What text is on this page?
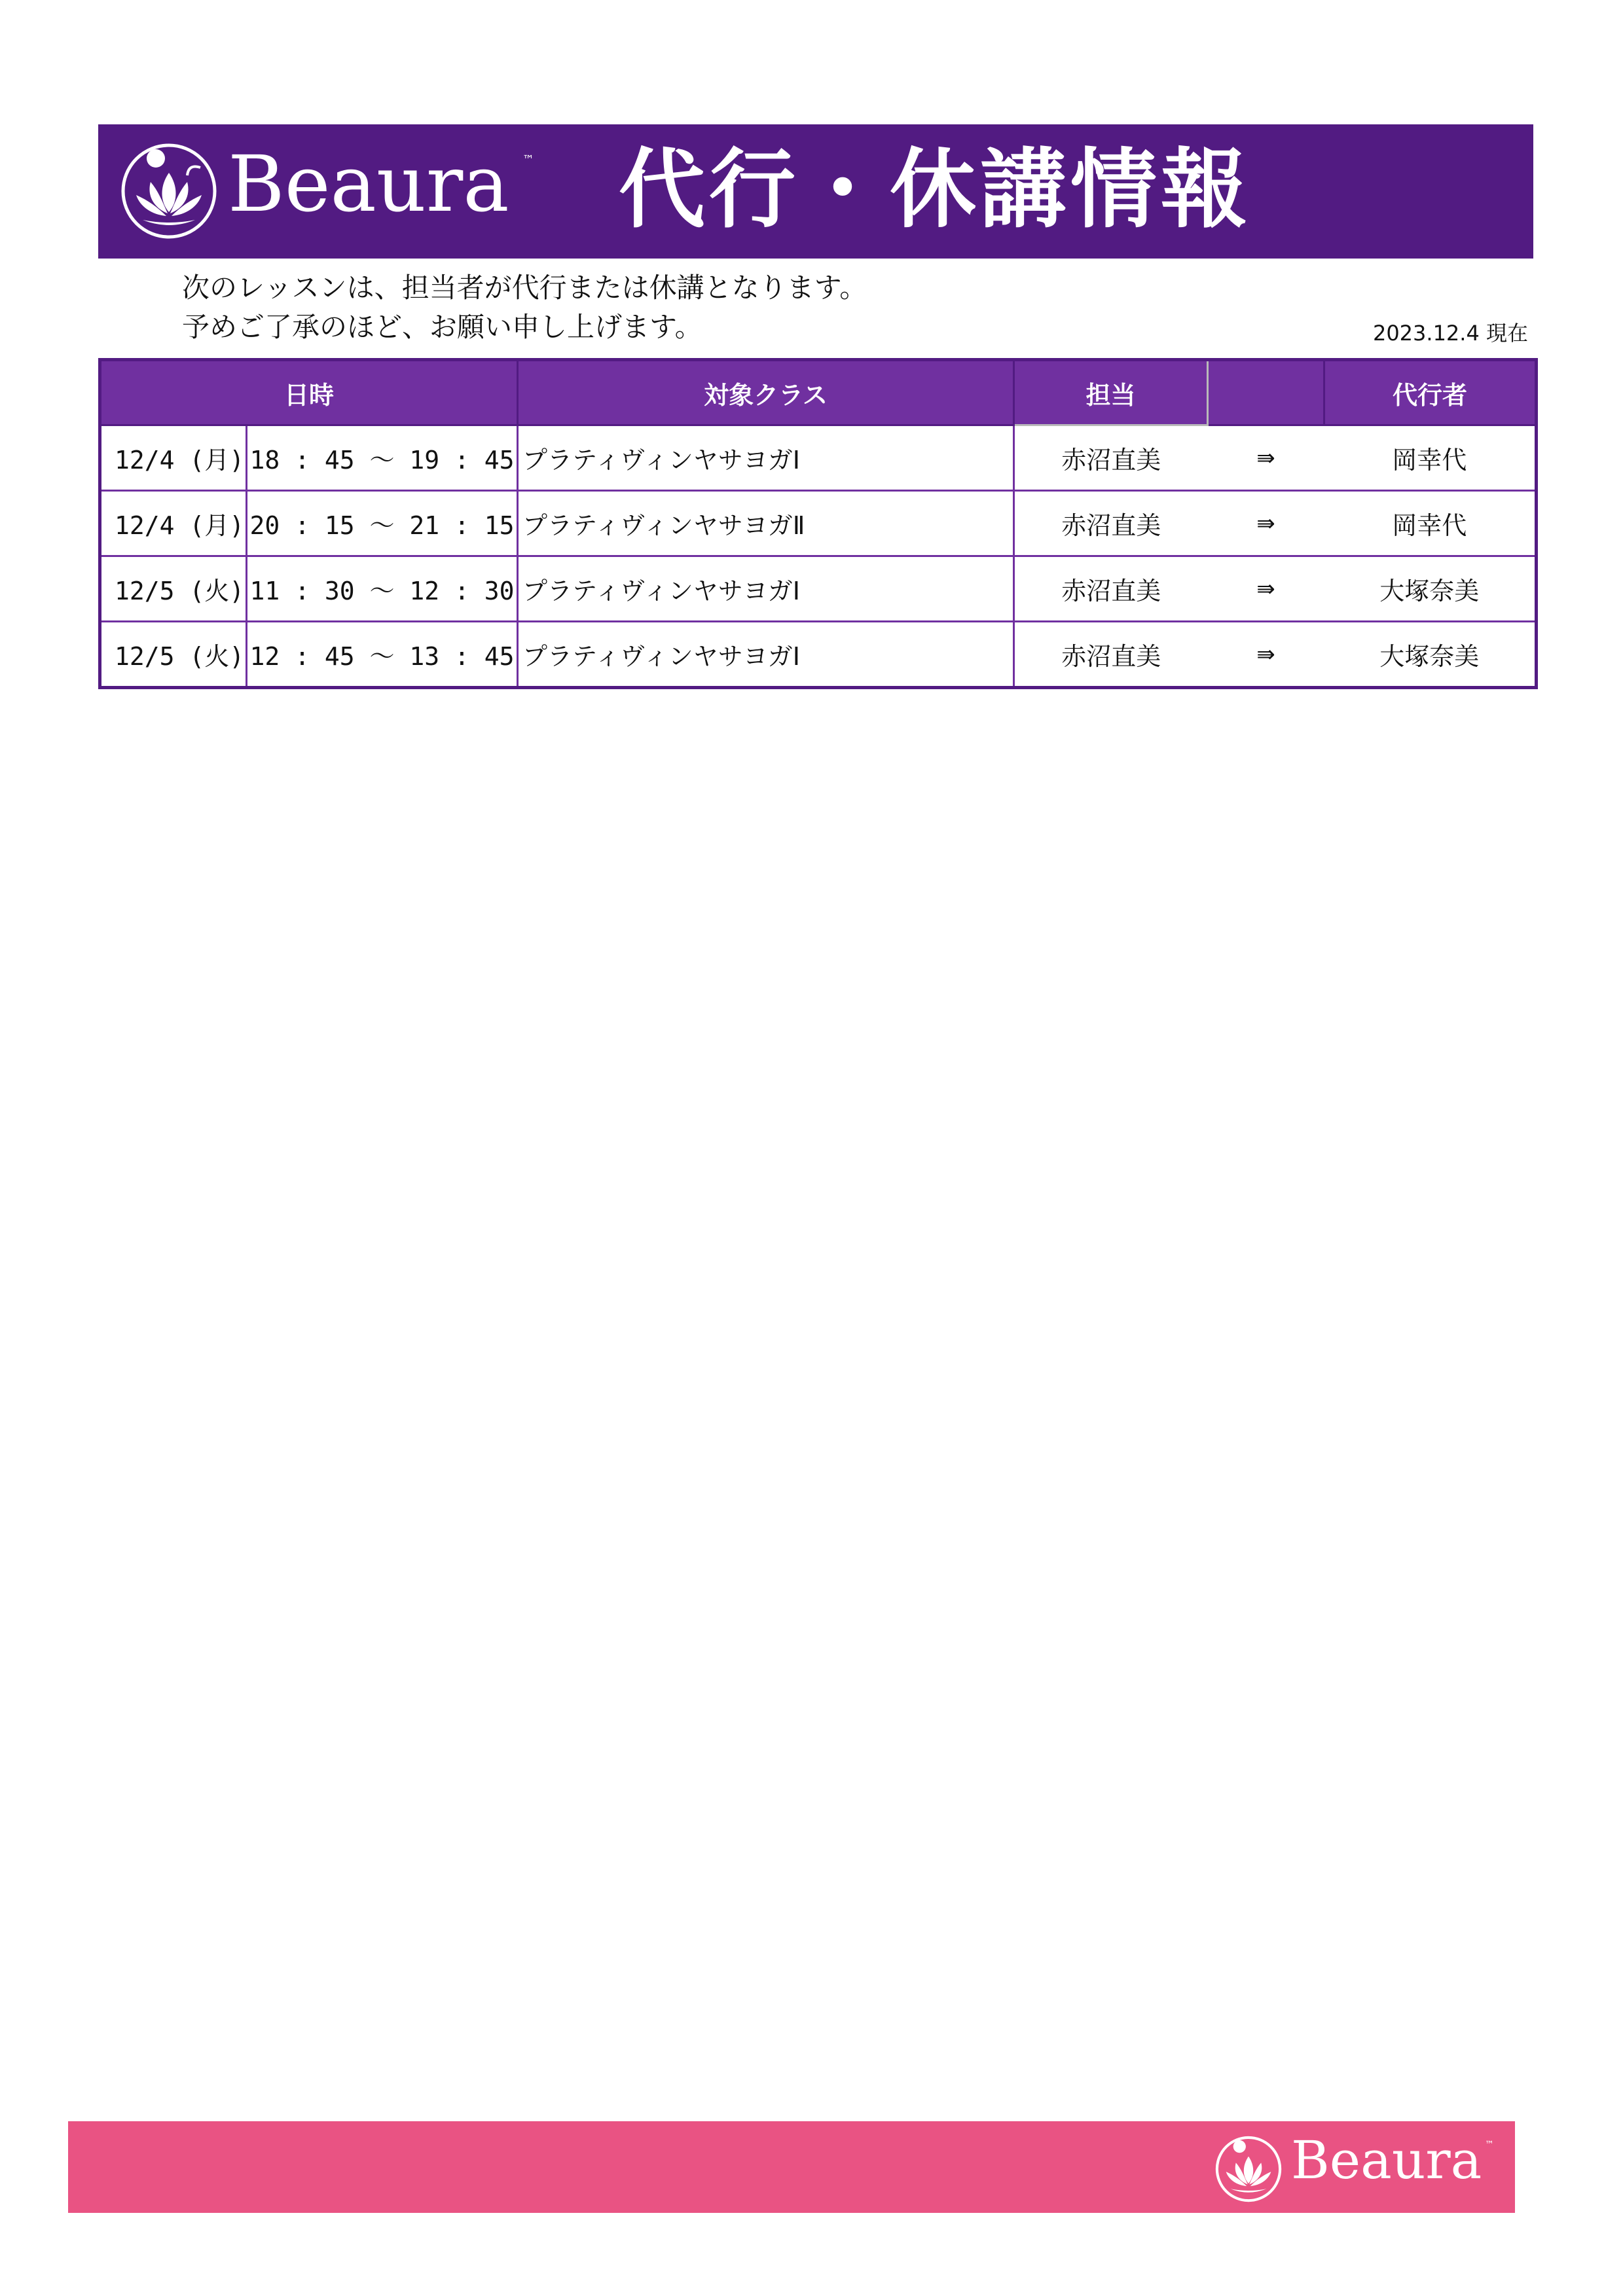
Beaura ™ 代行・休講情報
次のレッスンは、担当者が代行または休講となります。
予めご了承のほど、お願い申し上げます。	2023.12.4 現在
日時		対象クラス	担当		代行者
12/4 (月)	18 : 45 〜 19 : 45	プラティヴィンヤサヨガⅠ	赤沼直美	⇛	岡幸代
12/4 (月)	20 : 15 〜 21 : 15	プラティヴィンヤサヨガⅡ	赤沼直美	⇛	岡幸代
12/5 (火)	11 : 30 〜 12 : 30	プラティヴィンヤサヨガⅠ	赤沼直美	⇛	大塚奈美
12/5 (火)	12 : 45 〜 13 : 45	プラティヴィンヤサヨガⅠ	赤沼直美	⇛	大塚奈美
Beaura ™
